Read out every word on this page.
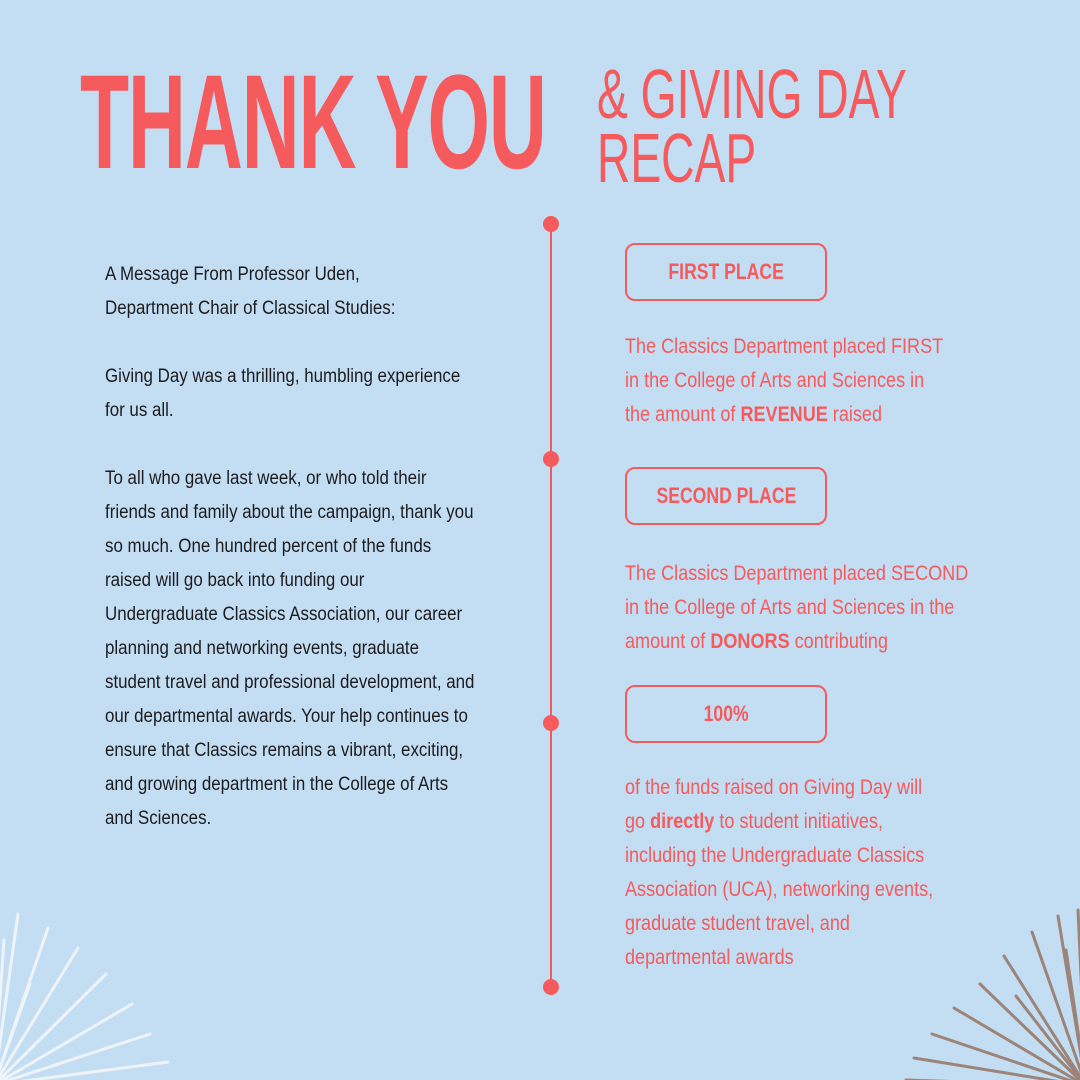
THANK YOU & GIVING DAY
RECAP

A Message From Professor Uden,
Department Chair of Classical Studies:

Giving Day was a thrilling, humbling experience for us all.

To all who gave last week, or who told their friends and family about the campaign, thank you so much. One hundred percent of the funds raised will go back into funding our Undergraduate Classics Association, our career planning and networking events, graduate student travel and professional development, and our departmental awards. Your help continues to ensure that Classics remains a vibrant, exciting, and growing department in the College of Arts and Sciences.

FIRST PLACE
The Classics Department placed FIRST
in the College of Arts and Sciences in
the amount of REVENUE raised
SECOND PLACE
The Classics Department placed SECOND
in the College of Arts and Sciences in the
amount of DONORS contributing
100%
of the funds raised on Giving Day will
go directly to student initiatives,
including the Undergraduate Classics
Association (UCA), networking events,
graduate student travel, and
departmental awards
